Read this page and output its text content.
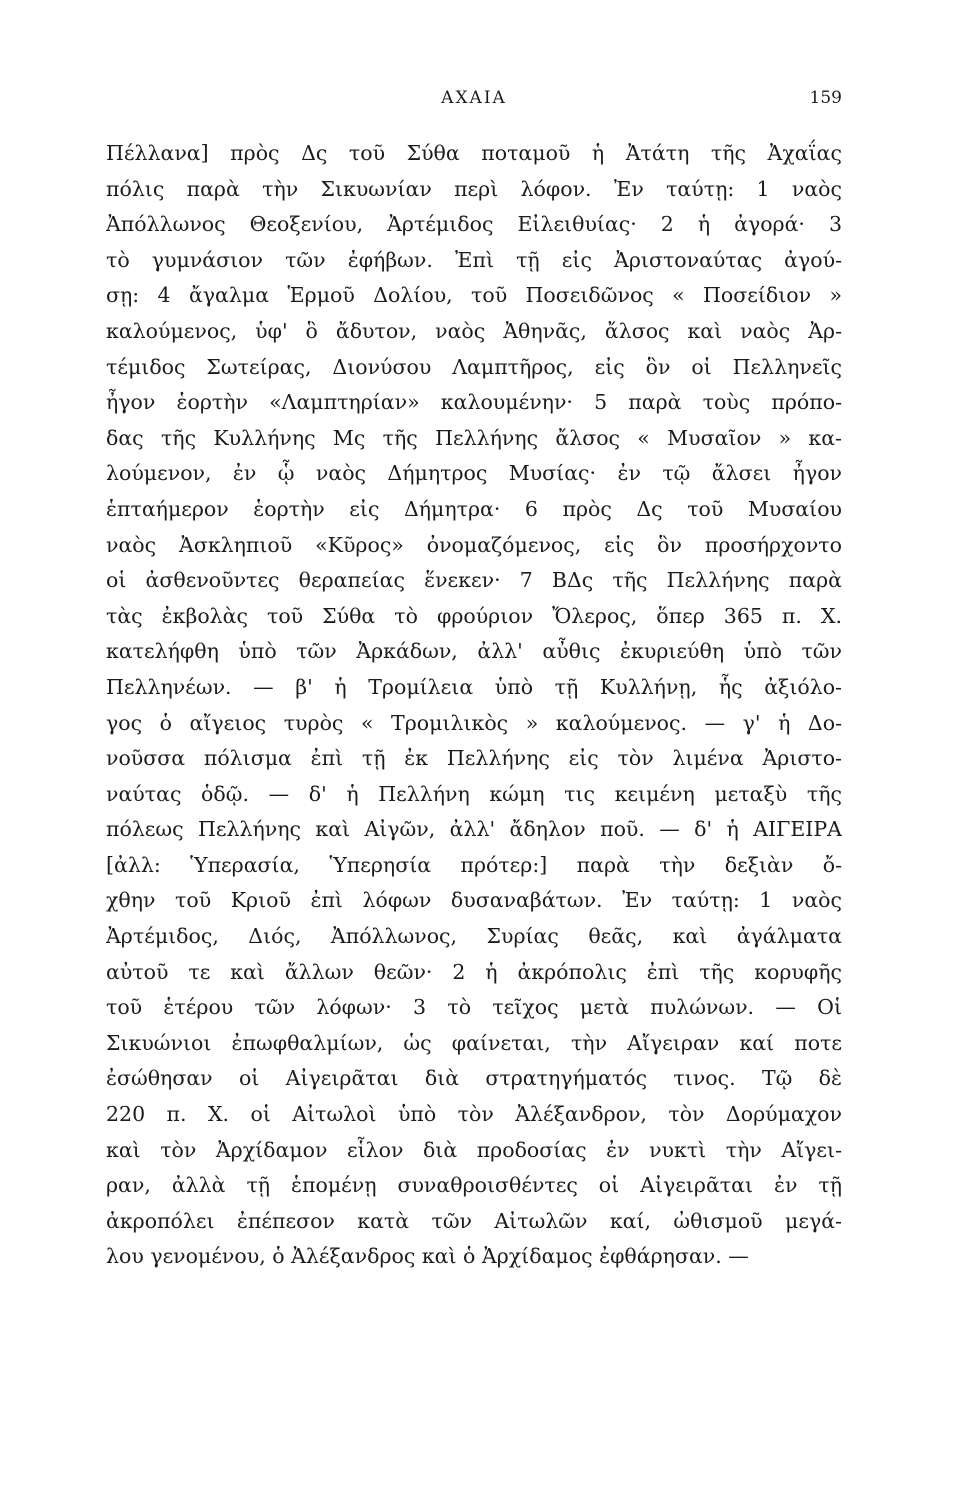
ΑΧΑΙΑ	159
Πέλλανα] πρὸς Δς τοῦ Σύθα ποταμοῦ ἡ Ἀτάτη τῆς Ἀχαΐας
πόλις παρὰ τὴν Σικυωνίαν περὶ λόφον. Ἐν ταύτῃ: 1 ναὸς
Ἀπόλλωνος Θεοξενίου, Ἀρτέμιδος Εἰλειθυίας· 2 ἡ ἀγορά· 3
τὸ γυμνάσιον τῶν ἐφήβων. Ἐπὶ τῇ εἰς Ἀριστοναύτας ἀγού-
σῃ: 4 ἄγαλμα Ἑρμοῦ Δολίου, τοῦ Ποσειδῶνος « Ποσείδιον »
καλούμενος, ὑφ' ὃ ἄδυτον, ναὸς Ἀθηνᾶς, ἄλσος καὶ ναὸς Ἀρ-
τέμιδος Σωτείρας, Διονύσου Λαμπτῆρος, εἰς ὃν οἱ Πελληνεῖς
ἦγον ἑορτὴν «Λαμπτηρίαν» καλουμένην· 5 παρὰ τοὺς πρόπο-
δας τῆς Κυλλήνης Μς τῆς Πελλήνης ἄλσος « Μυσαῖον » κα-
λούμενον, ἐν ᾧ ναὸς Δήμητρος Μυσίας· ἐν τῷ ἄλσει ἦγον
ἑπταήμερον ἑορτὴν εἰς Δήμητρα· 6 πρὸς Δς τοῦ Μυσαίου
ναὸς Ἀσκληπιοῦ «Κῦρος» ὀνομαζόμενος, εἰς ὃν προσήρχοντο
οἱ ἀσθενοῦντες θεραπείας ἕνεκεν· 7 ΒΔς τῆς Πελλήνης παρὰ
τὰς ἐκβολὰς τοῦ Σύθα τὸ φρούριον Ὄλερος, ὅπερ 365 π. Χ.
κατελήφθη ὑπὸ τῶν Ἀρκάδων, ἀλλ' αὖθις ἐκυριεύθη ὑπὸ τῶν
Πελληνέων. — β' ἡ Τρομίλεια ὑπὸ τῇ Κυλλήνῃ, ἧς ἀξιόλο-
γος ὁ αἴγειος τυρὸς « Τρομιλικὸς » καλούμενος. — γ' ἡ Δο-
νοῦσσα πόλισμα ἐπὶ τῇ ἐκ Πελλήνης εἰς τὸν λιμένα Ἀριστο-
ναύτας ὁδῷ. — δ' ἡ Πελλήνη κώμη τις κειμένη μεταξὺ τῆς
πόλεως Πελλήνης καὶ Αἰγῶν, ἀλλ' ἄδηλον ποῦ. — δ' ἡ ΑΙΓΕΙΡΑ
[ἀλλ: Ὑπερασία, Ὑπερησία πρότερ:] παρὰ τὴν δεξιὰν ὄ-
χθην τοῦ Κριοῦ ἐπὶ λόφων δυσαναβάτων. Ἐν ταύτῃ: 1 ναὸς
Ἀρτέμιδος, Διός, Ἀπόλλωνος, Συρίας θεᾶς, καὶ ἀγάλματα
αὐτοῦ τε καὶ ἄλλων θεῶν· 2 ἡ ἀκρόπολις ἐπὶ τῆς κορυφῆς
τοῦ ἑτέρου τῶν λόφων· 3 τὸ τεῖχος μετὰ πυλώνων. — Οἱ
Σικυώνιοι ἐπωφθαλμίων, ὡς φαίνεται, τὴν Αἴγειραν καί ποτε
ἐσώθησαν οἱ Αἰγειρᾶται διὰ στρατηγήματός τινος. Τῷ δὲ
220 π. Χ. οἱ Αἰτωλοὶ ὑπὸ τὸν Ἀλέξανδρον, τὸν Δορύμαχον
καὶ τὸν Ἀρχίδαμον εἷλον διὰ προδοσίας ἐν νυκτὶ τὴν Αἴγει-
ραν, ἀλλὰ τῇ ἑπομένῃ συναθροισθέντες οἱ Αἰγειρᾶται ἐν τῇ
ἀκροπόλει ἐπέπεσον κατὰ τῶν Αἰτωλῶν καί, ὠθισμοῦ μεγά-
λου γενομένου, ὁ Ἀλέξανδρος καὶ ὁ Ἀρχίδαμος ἐφθάρησαν. —
